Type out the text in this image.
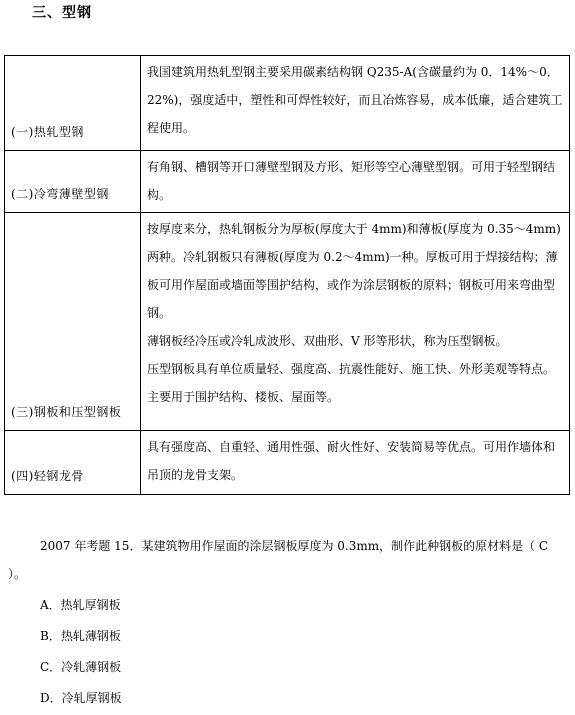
三、型钢
(一)热轧型钢	我国建筑用热轧型钢主要采用碳素结构钢 Q235-A(含碳量约为 0．14%～0．22%)，强度适中，塑性和可焊性较好，而且冶炼容易，成本低廉，适合建筑工程使用。

(二)冷弯薄壁型钢	有角钢、槽钢等开口薄壁型钢及方形、矩形等空心薄壁型钢。可用于轻型钢结构。

(三)钢板和压型钢板	按厚度来分，热轧钢板分为厚板(厚度大于 4mm)和薄板(厚度为 0.35～4mm)两种。冷轧钢板只有薄板(厚度为 0.2～4mm)一种。厚板可用于焊接结构；薄板可用作屋面或墙面等围护结构，或作为涂层钢板的原料；钢板可用来弯曲型钢。

薄钢板经冷压或冷轧成波形、双曲形、V 形等形状，称为压型钢板。

压型钢板具有单位质量轻、强度高、抗震性能好、施工快、外形美观等特点。主要用于围护结构、楼板、屋面等。

(四)轻钢龙骨	具有强度高、自重轻、通用性强、耐火性好、安装简易等优点。可用作墙体和吊顶的龙骨支架。

2007 年考题 15．某建筑物用作屋面的涂层钢板厚度为 0.3mm，制作此种钢板的原材料是（ C ）。
A．热轧厚钢板
B．热轧薄钢板
C．冷轧薄钢板
D．冷轧厚钢板
